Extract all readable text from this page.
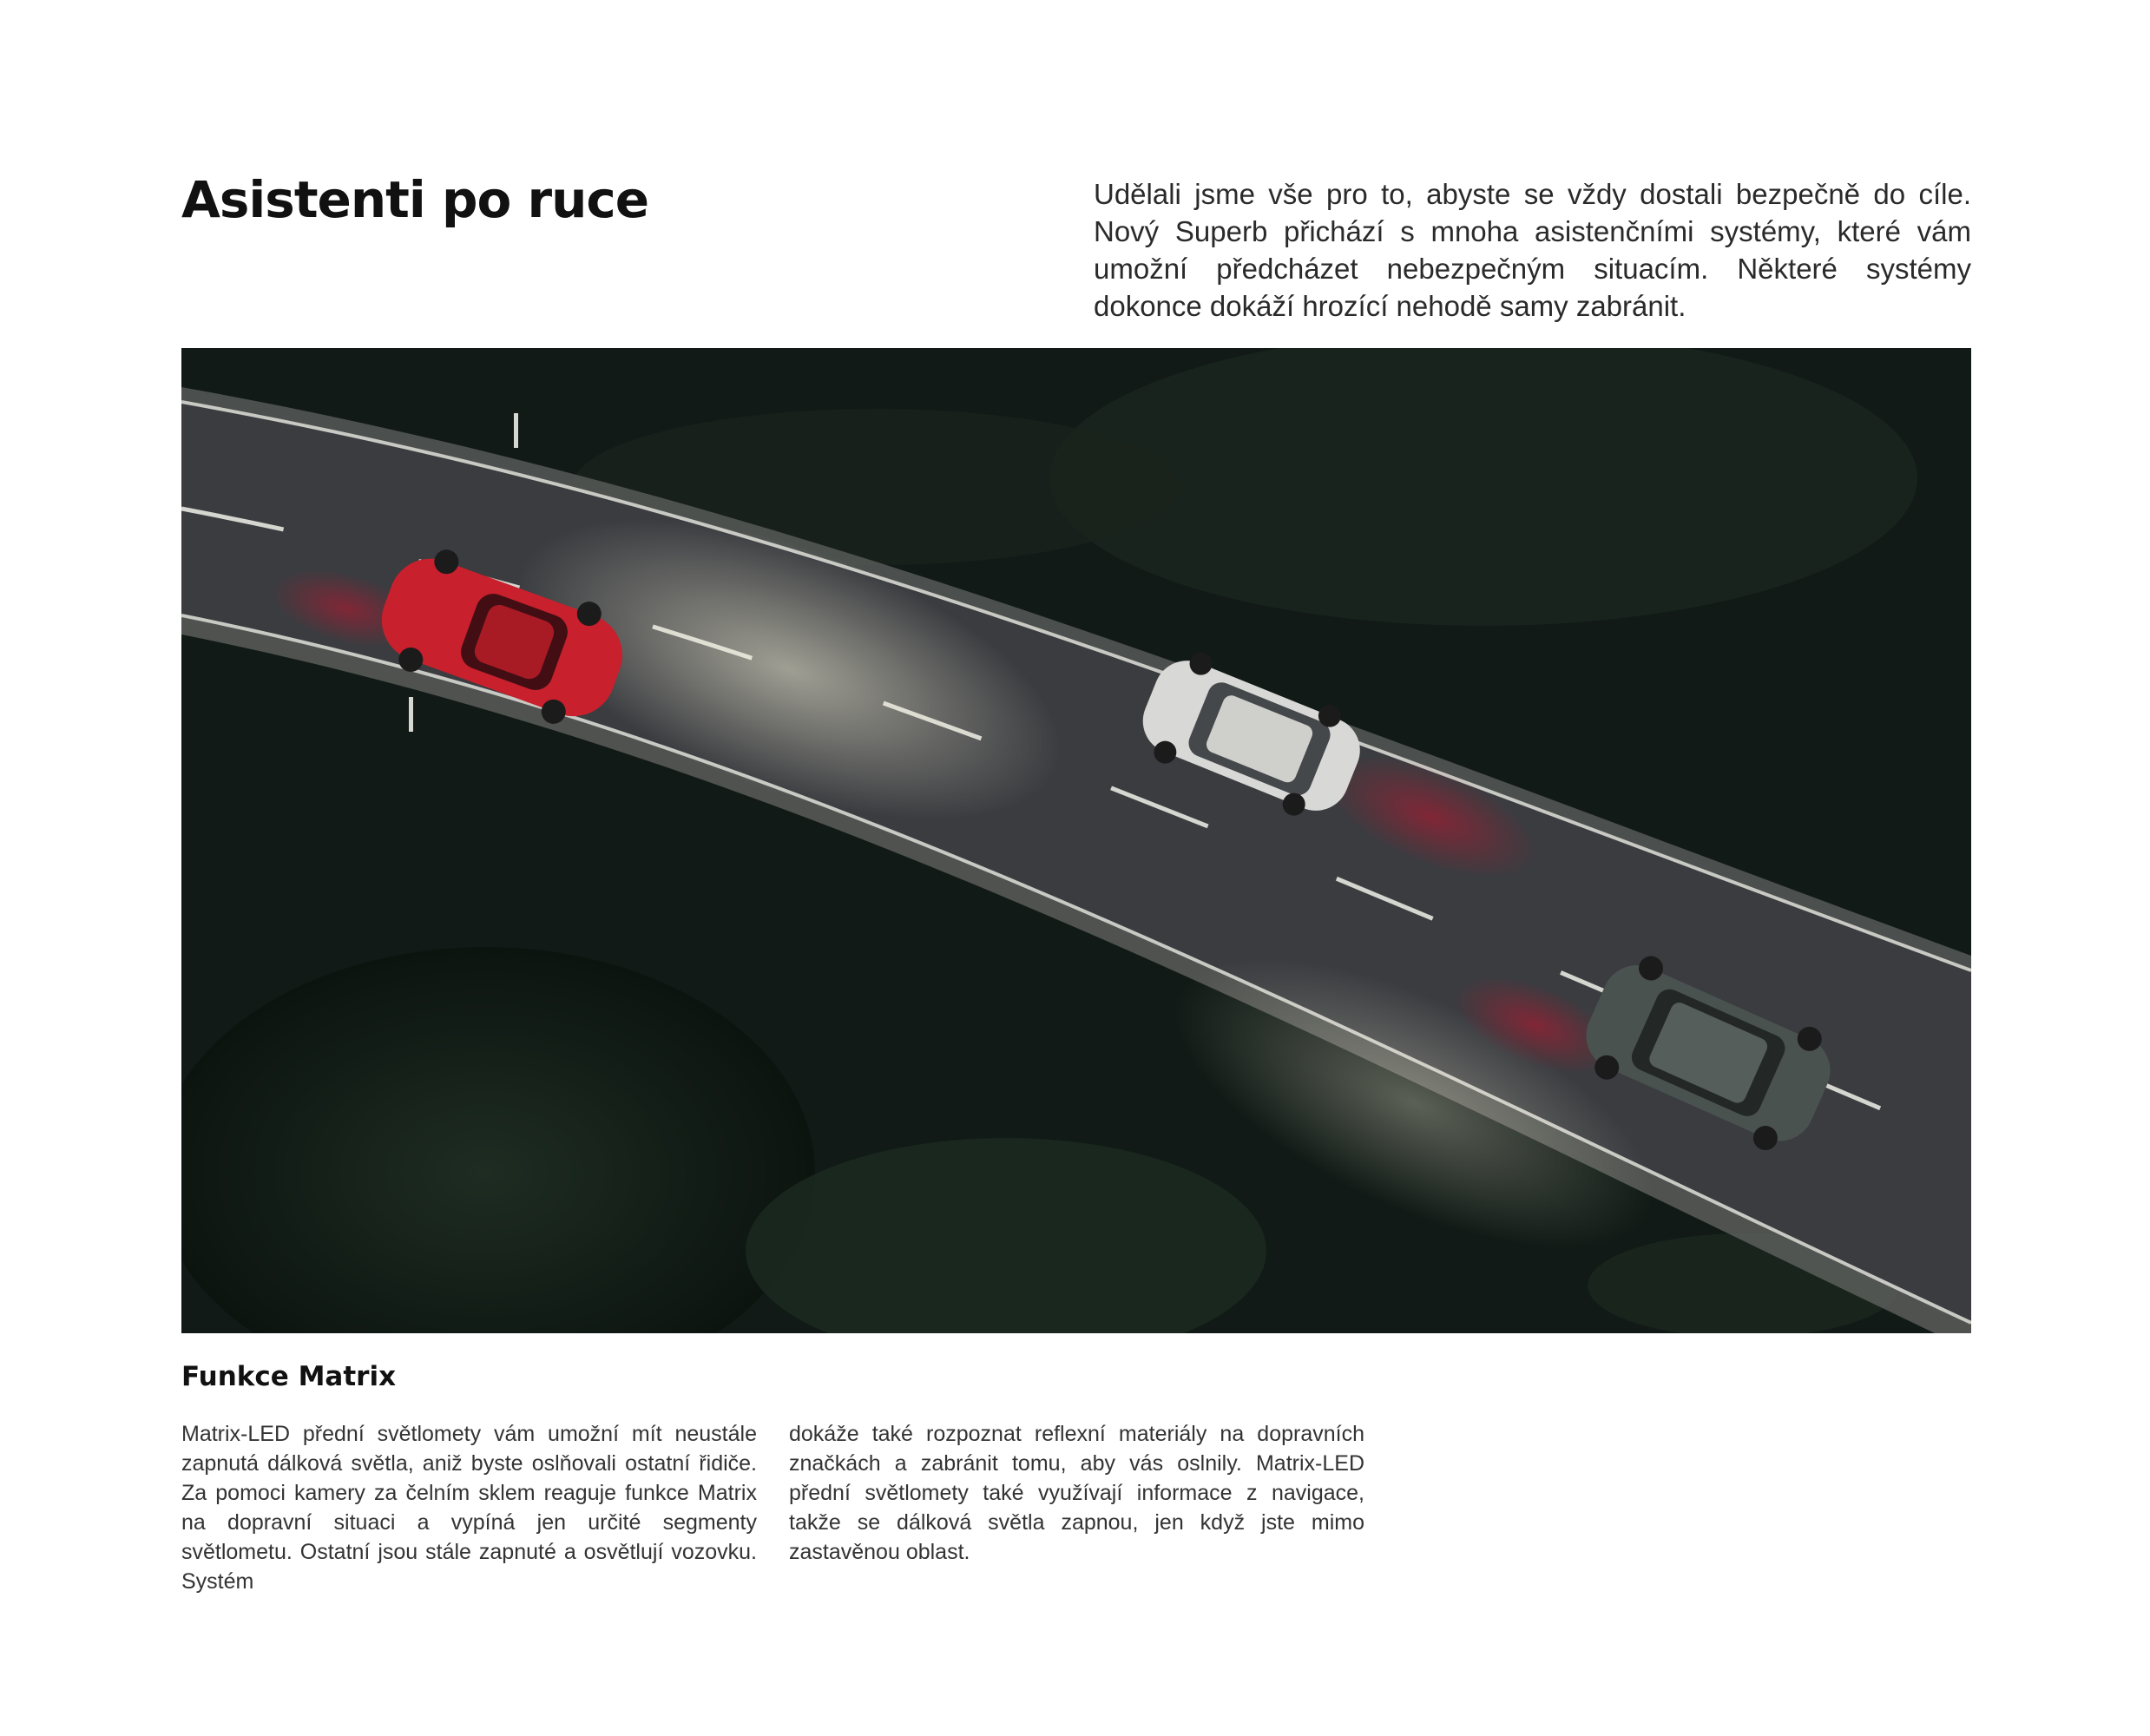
Asistenti po ruce	Udělali jsme vše pro to, abyste se vždy dostali bezpečně do cíle. Nový Superb přichází s mnoha asistenčními systémy, které vám umožní předcházet nebezpečným situacím. Některé systémy dokonce dokáží hrozící nehodě samy zabránit.

Funkce Matrix

Matrix-LED přední světlomety vám umožní mít neustále zapnutá dálková světla, aniž byste oslňovali ostatní řidiče. Za pomoci kamery za čelním sklem reaguje funkce Matrix na dopravní situaci a vypíná jen určité segmenty světlometu. Ostatní jsou stále zapnuté a osvětlují vozovku. Systém

dokáže také rozpoznat reflexní materiály na dopravních značkách a zabránit tomu, aby vás oslnily. Matrix-LED přední světlomety také využívají informace z navigace, takže se dálková světla zapnou, jen když jste mimo zastavěnou oblast.
